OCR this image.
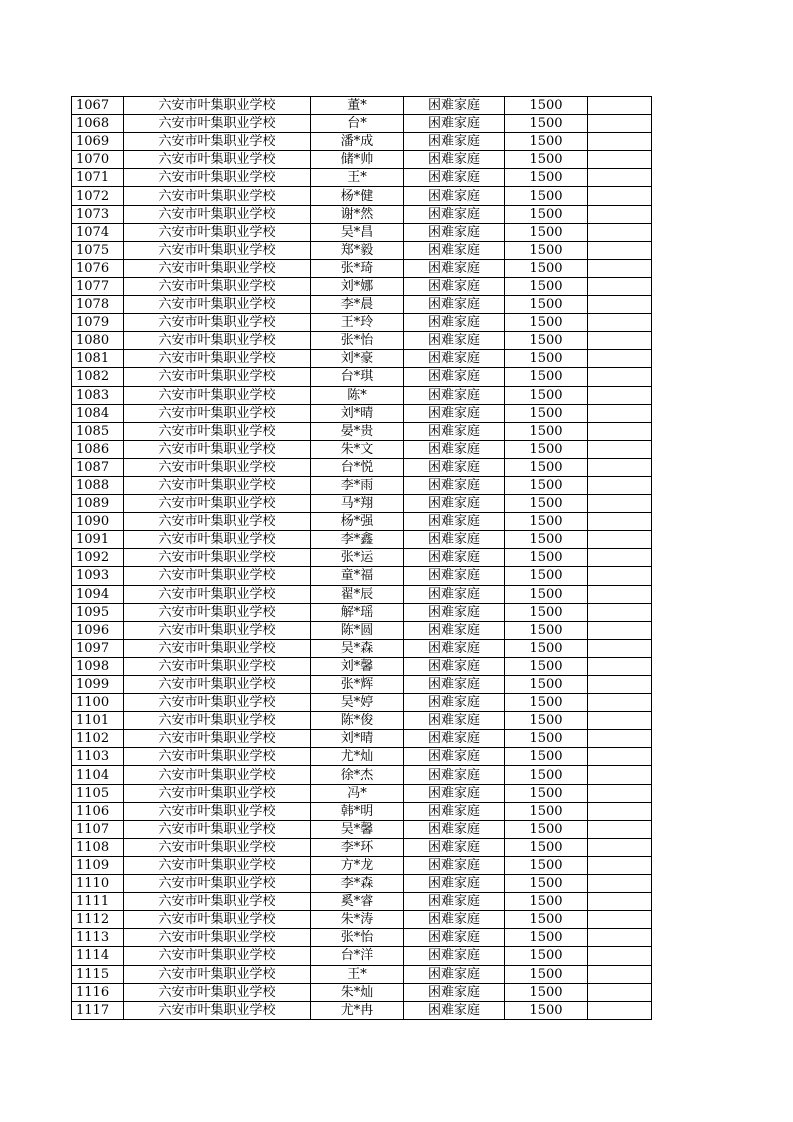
1067	六安市叶集职业学校	董*	困难家庭	1500	
1068	六安市叶集职业学校	台*	困难家庭	1500	
1069	六安市叶集职业学校	潘*成	困难家庭	1500	
1070	六安市叶集职业学校	储*帅	困难家庭	1500	
1071	六安市叶集职业学校	王*	困难家庭	1500	
1072	六安市叶集职业学校	杨*健	困难家庭	1500	
1073	六安市叶集职业学校	谢*然	困难家庭	1500	
1074	六安市叶集职业学校	吴*昌	困难家庭	1500	
1075	六安市叶集职业学校	郑*毅	困难家庭	1500	
1076	六安市叶集职业学校	张*琦	困难家庭	1500	
1077	六安市叶集职业学校	刘*娜	困难家庭	1500	
1078	六安市叶集职业学校	李*晨	困难家庭	1500	
1079	六安市叶集职业学校	王*玲	困难家庭	1500	
1080	六安市叶集职业学校	张*怡	困难家庭	1500	
1081	六安市叶集职业学校	刘*豪	困难家庭	1500	
1082	六安市叶集职业学校	台*琪	困难家庭	1500	
1083	六安市叶集职业学校	陈*	困难家庭	1500	
1084	六安市叶集职业学校	刘*晴	困难家庭	1500	
1085	六安市叶集职业学校	晏*贵	困难家庭	1500	
1086	六安市叶集职业学校	朱*文	困难家庭	1500	
1087	六安市叶集职业学校	台*悦	困难家庭	1500	
1088	六安市叶集职业学校	李*雨	困难家庭	1500	
1089	六安市叶集职业学校	马*翔	困难家庭	1500	
1090	六安市叶集职业学校	杨*强	困难家庭	1500	
1091	六安市叶集职业学校	李*鑫	困难家庭	1500	
1092	六安市叶集职业学校	张*运	困难家庭	1500	
1093	六安市叶集职业学校	童*福	困难家庭	1500	
1094	六安市叶集职业学校	翟*辰	困难家庭	1500	
1095	六安市叶集职业学校	解*瑶	困难家庭	1500	
1096	六安市叶集职业学校	陈*圆	困难家庭	1500	
1097	六安市叶集职业学校	吴*森	困难家庭	1500	
1098	六安市叶集职业学校	刘*馨	困难家庭	1500	
1099	六安市叶集职业学校	张*辉	困难家庭	1500	
1100	六安市叶集职业学校	吴*婷	困难家庭	1500	
1101	六安市叶集职业学校	陈*俊	困难家庭	1500	
1102	六安市叶集职业学校	刘*晴	困难家庭	1500	
1103	六安市叶集职业学校	尤*灿	困难家庭	1500	
1104	六安市叶集职业学校	徐*杰	困难家庭	1500	
1105	六安市叶集职业学校	冯*	困难家庭	1500	
1106	六安市叶集职业学校	韩*明	困难家庭	1500	
1107	六安市叶集职业学校	吴*馨	困难家庭	1500	
1108	六安市叶集职业学校	李*环	困难家庭	1500	
1109	六安市叶集职业学校	方*龙	困难家庭	1500	
1110	六安市叶集职业学校	李*森	困难家庭	1500	
1111	六安市叶集职业学校	奚*睿	困难家庭	1500	
1112	六安市叶集职业学校	朱*涛	困难家庭	1500	
1113	六安市叶集职业学校	张*怡	困难家庭	1500	
1114	六安市叶集职业学校	台*洋	困难家庭	1500	
1115	六安市叶集职业学校	王*	困难家庭	1500	
1116	六安市叶集职业学校	朱*灿	困难家庭	1500	
1117	六安市叶集职业学校	尤*冉	困难家庭	1500	
